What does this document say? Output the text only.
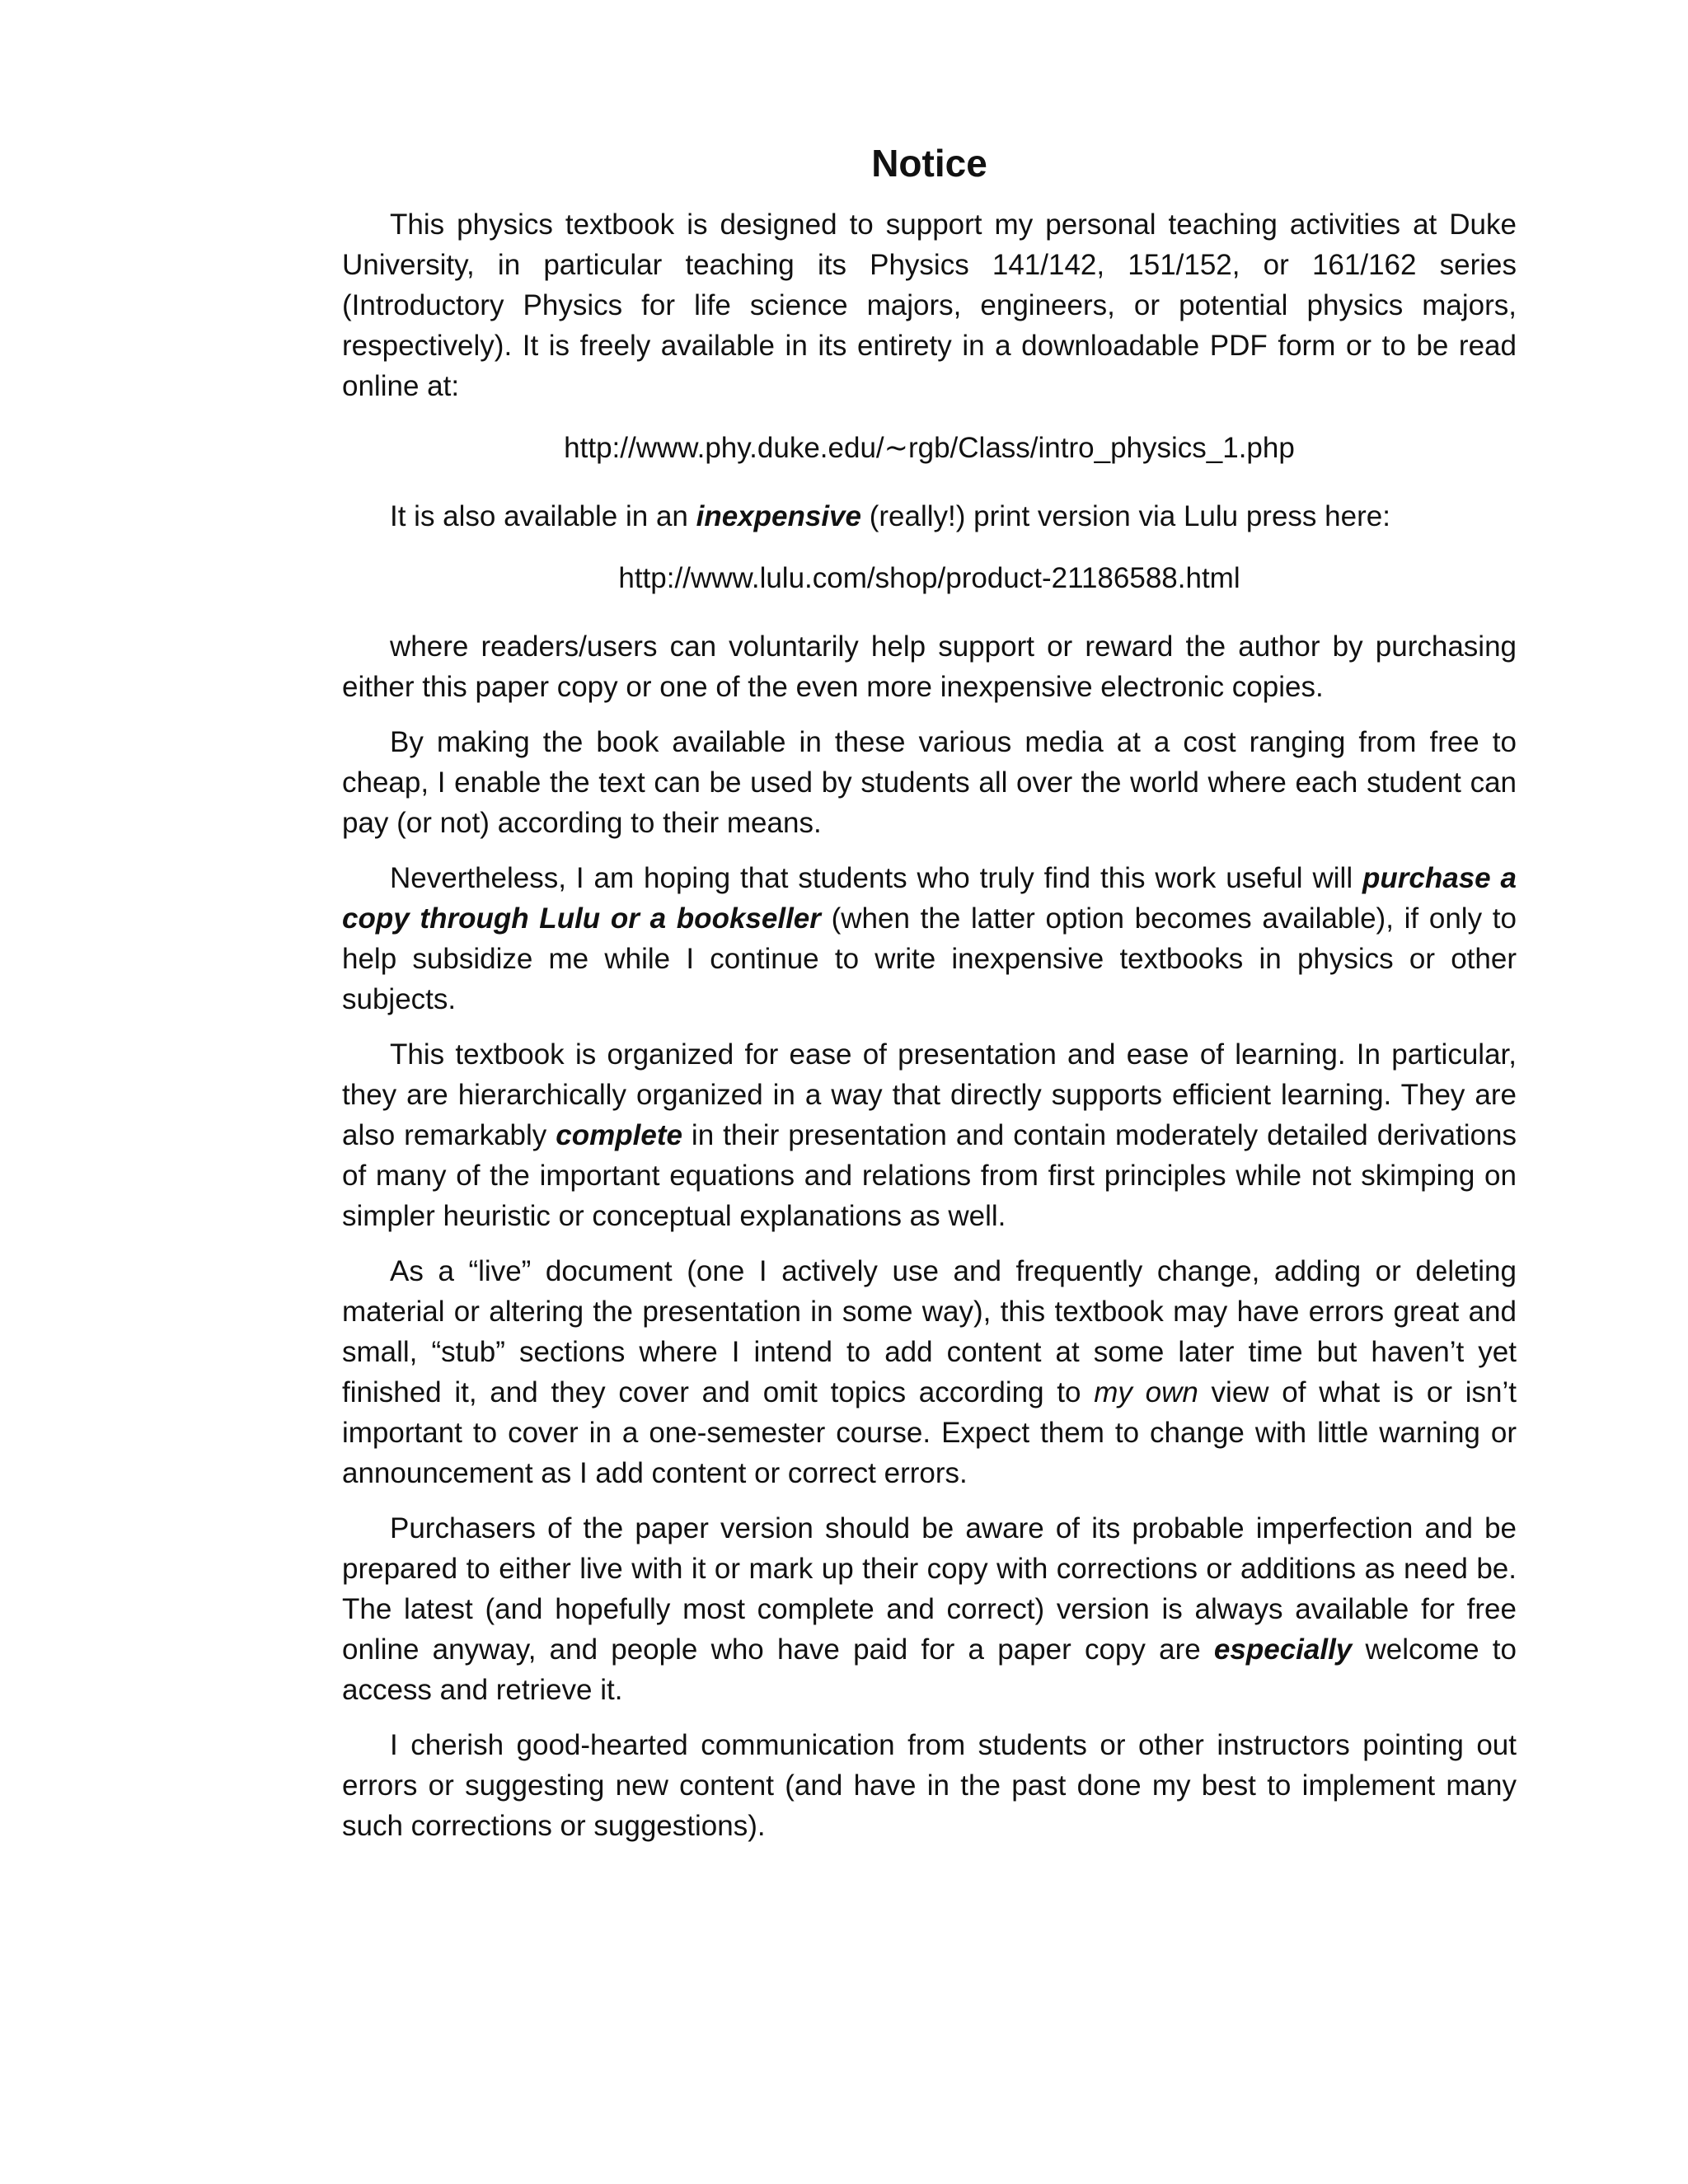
Notice

This physics textbook is designed to support my personal teaching activities at Duke University, in particular teaching its Physics 141/142, 151/152, or 161/162 series (Introductory Physics for life science majors, engineers, or potential physics majors, respectively). It is freely available in its entirety in a downloadable PDF form or to be read online at:

http://www.phy.duke.edu/∼rgb/Class/intro_physics_1.php

It is also available in an inexpensive (really!) print version via Lulu press here:

http://www.lulu.com/shop/product-21186588.html

where readers/users can voluntarily help support or reward the author by purchasing either this paper copy or one of the even more inexpensive electronic copies.

By making the book available in these various media at a cost ranging from free to cheap, I enable the text can be used by students all over the world where each student can pay (or not) according to their means.

Nevertheless, I am hoping that students who truly find this work useful will purchase a copy through Lulu or a bookseller (when the latter option becomes available), if only to help subsidize me while I continue to write inexpensive textbooks in physics or other subjects.

This textbook is organized for ease of presentation and ease of learning. In particular, they are hierarchically organized in a way that directly supports efficient learning. They are also remarkably complete in their presentation and contain moderately detailed derivations of many of the important equations and relations from first principles while not skimping on simpler heuristic or conceptual explanations as well.

As a “live” document (one I actively use and frequently change, adding or deleting material or altering the presentation in some way), this textbook may have errors great and small, “stub” sections where I intend to add content at some later time but haven’t yet finished it, and they cover and omit topics according to my own view of what is or isn’t important to cover in a one-semester course. Expect them to change with little warning or announcement as I add content or correct errors.

Purchasers of the paper version should be aware of its probable imperfection and be prepared to either live with it or mark up their copy with corrections or additions as need be. The latest (and hopefully most complete and correct) version is always available for free online anyway, and people who have paid for a paper copy are especially welcome to access and retrieve it.

I cherish good-hearted communication from students or other instructors pointing out errors or suggesting new content (and have in the past done my best to implement many such corrections or suggestions).
